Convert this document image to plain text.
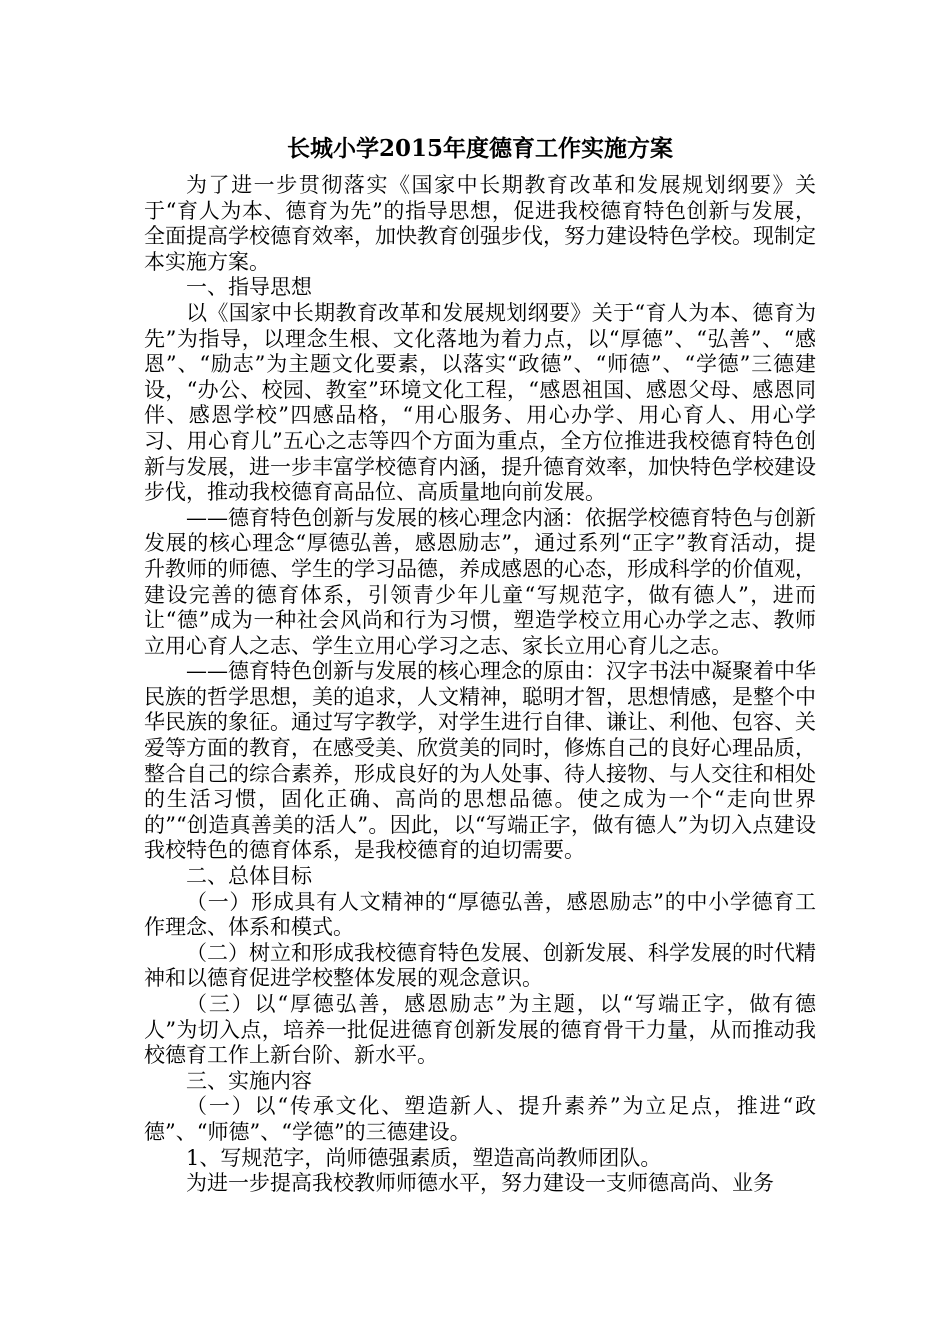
长城小学2015年度德育工作实施方案

为了进一步贯彻落实《国家中长期教育改革和发展规划纲要》关于“育人为本、德育为先”的指导思想，促进我校德育特色创新与发展，全面提高学校德育效率，加快教育创强步伐，努力建设特色学校。现制定本实施方案。

一、指导思想

以《国家中长期教育改革和发展规划纲要》关于“育人为本、德育为先”为指导，以理念生根、文化落地为着力点，以“厚德”、“弘善”、“感恩”、“励志”为主题文化要素，以落实“政德”、“师德”、“学德”三德建设，“办公、校园、教室”环境文化工程，“感恩祖国、感恩父母、感恩同伴、感恩学校”四感品格，“用心服务、用心办学、用心育人、用心学习、用心育儿”五心之志等四个方面为重点，全方位推进我校德育特色创新与发展，进一步丰富学校德育内涵，提升德育效率，加快特色学校建设步伐，推动我校德育高品位、高质量地向前发展。

——德育特色创新与发展的核心理念内涵：依据学校德育特色与创新发展的核心理念“厚德弘善，感恩励志”，通过系列“正字”教育活动，提升教师的师德、学生的学习品德，养成感恩的心态，形成科学的价值观，建设完善的德育体系，引领青少年儿童“写规范字，做有德人”，进而让“德”成为一种社会风尚和行为习惯，塑造学校立用心办学之志、教师立用心育人之志、学生立用心学习之志、家长立用心育儿之志。

——德育特色创新与发展的核心理念的原由：汉字书法中凝聚着中华民族的哲学思想，美的追求，人文精神，聪明才智，思想情感，是整个中华民族的象征。通过写字教学，对学生进行自律、谦让、利他、包容、关爱等方面的教育，在感受美、欣赏美的同时，修炼自己的良好心理品质，整合自己的综合素养，形成良好的为人处事、待人接物、与人交往和相处的生活习惯，固化正确、高尚的思想品德。使之成为一个“走向世界的”“创造真善美的活人”。因此，以“写端正字，做有德人”为切入点建设我校特色的德育体系，是我校德育的迫切需要。

二、总体目标

（一）形成具有人文精神的“厚德弘善，感恩励志”的中小学德育工作理念、体系和模式。

（二）树立和形成我校德育特色发展、创新发展、科学发展的时代精神和以德育促进学校整体发展的观念意识。

（三）以“厚德弘善，感恩励志”为主题，以“写端正字，做有德人”为切入点，培养一批促进德育创新发展的德育骨干力量，从而推动我校德育工作上新台阶、新水平。

三、实施内容

（一）以“传承文化、塑造新人、提升素养”为立足点，推进“政德”、“师德”、“学德”的三德建设。

1、写规范字，尚师德强素质，塑造高尚教师团队。

为进一步提高我校教师师德水平，努力建设一支师德高尚、业务
